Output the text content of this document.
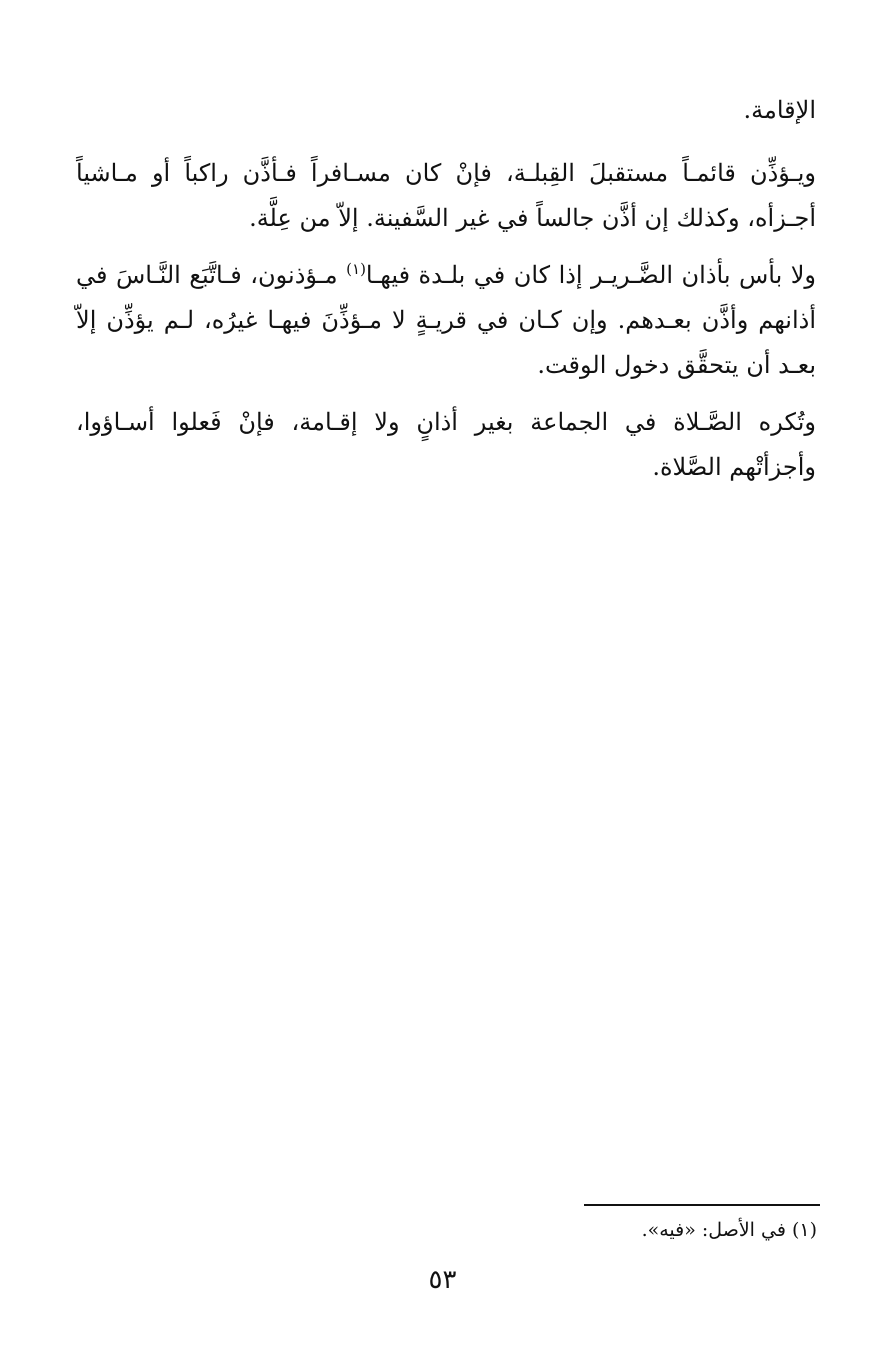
الإقامة.

ويـؤذِّن قائمـاً مستقبلَ القِبلـة، فإنْ كان مسـافراً فـأذَّن راكباً أو مـاشياً أجـزأه، وكذلك إن أذَّن جالساً في غير السَّفينة. إلاّ من عِلَّة.

ولا بأس بأذان الضَّـريـر إذا كان في بلـدة فيهـا$^{(١)}$ مـؤذنون، فـاتَّبَع النَّـاسَ في أذانهم وأذَّن بعـدهم. وإن كـان في قريـةٍ لا مـؤذِّنَ فيهـا غيرُه، لـم يؤذِّن إلاّ بعـد أن يتحقَّق دخول الوقت.

وتُكره الصَّـلاة في الجماعة بغير أذانٍ ولا إقـامة، فإنْ فَعلوا أسـاؤوا، وأجزأتْهم الصَّلاة.

(١) في الأصل: «فيه».
٥٣
